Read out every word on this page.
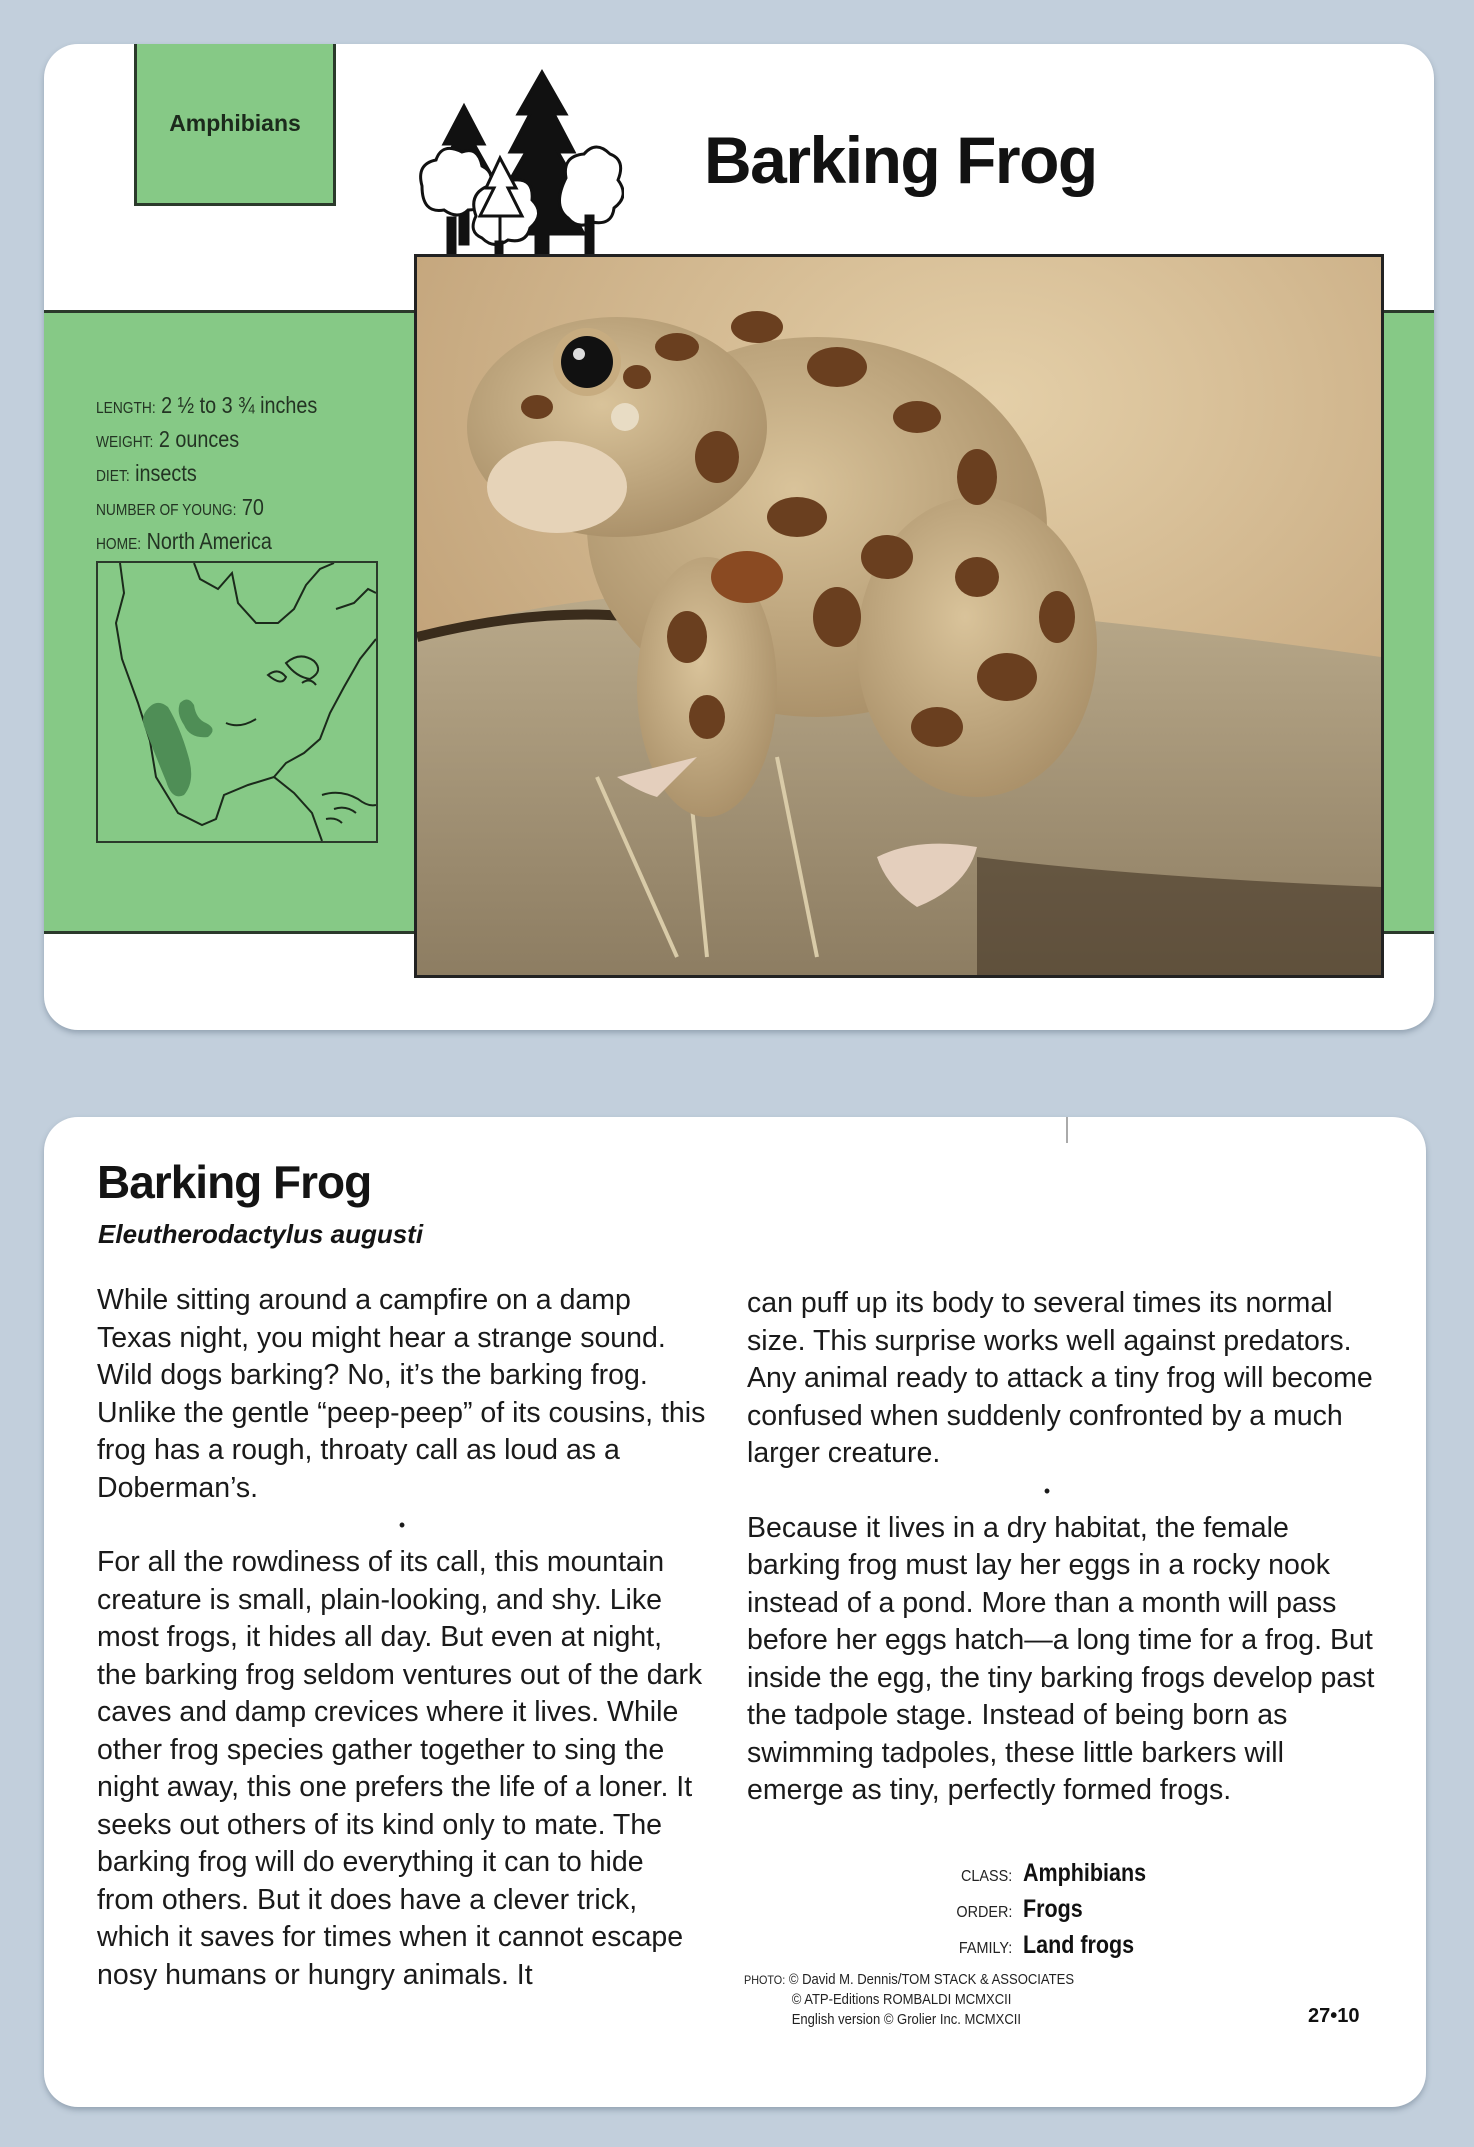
Amphibians	Barking Frog
LENGTH: 2 ½ to 3 ¾ inches
WEIGHT: 2 ounces
DIET: insects
NUMBER OF YOUNG: 70
HOME: North America
Barking Frog
Eleutherodactylus augusti

While sitting around a campfire on a damp Texas night, you might hear a strange sound. Wild dogs barking? No, it’s the barking frog. Unlike the gentle “peep-peep” of its cousins, this frog has a rough, throaty call as loud as a Doberman’s.

•

For all the rowdiness of its call, this mountain creature is small, plain-looking, and shy. Like most frogs, it hides all day. But even at night, the barking frog seldom ventures out of the dark caves and damp crevices where it lives. While other frog species gather together to sing the night away, this one prefers the life of a loner. It seeks out others of its kind only to mate. The barking frog will do everything it can to hide from others. But it does have a clever trick, which it saves for times when it cannot escape nosy humans or hungry animals. It

can puff up its body to several times its normal size. This surprise works well against predators. Any animal ready to attack a tiny frog will become confused when suddenly confronted by a much larger creature.

•

Because it lives in a dry habitat, the female barking frog must lay her eggs in a rocky nook instead of a pond. More than a month will pass before her eggs hatch—a long time for a frog. But inside the egg, the tiny barking frogs develop past the tadpole stage. Instead of being born as swimming tadpoles, these little barkers will emerge as tiny, perfectly formed frogs.

CLASS: Amphibians
ORDER: Frogs
FAMILY: Land frogs
PHOTO: © David M. Dennis/TOM STACK & ASSOCIATES
© ATP-Editions ROMBALDI MCMXCII
English version © Grolier Inc. MCMXCII	27•10
